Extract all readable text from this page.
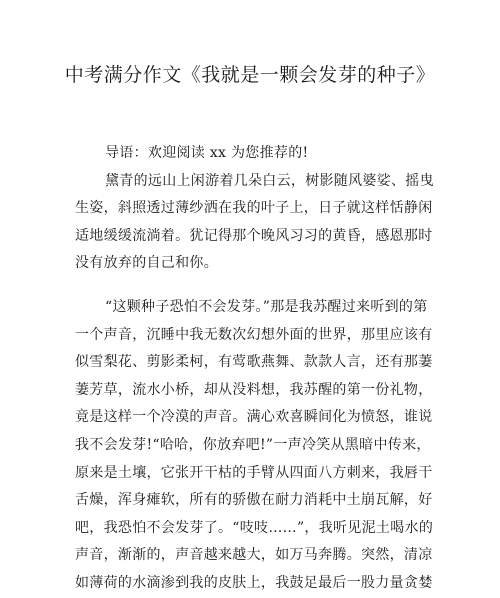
中考满分作文《我就是一颗会发芽的种子》
导语：欢迎阅读 xx 为您推荐的!
黛青的远山上闲游着几朵白云，树影随风婆娑、摇曳
生姿，斜照透过薄纱洒在我的叶子上，日子就这样恬静闲
适地缓缓流淌着。犹记得那个晚风习习的黄昏，感恩那时
没有放弃的自己和你。
“这颗种子恐怕不会发芽。”那是我苏醒过来听到的第
一个声音，沉睡中我无数次幻想外面的世界，那里应该有
似雪梨花、剪影柔柯，有莺歌燕舞、款款人言，还有那萋
萋芳草，流水小桥，却从没料想，我苏醒的第一份礼物，
竟是这样一个冷漠的声音。满心欢喜瞬间化为愤怒，谁说
我不会发芽!“哈哈，你放弃吧!”一声冷笑从黑暗中传来，
原来是土壤，它张开干枯的手臂从四面八方刺来，我唇干
舌燥，浑身瘫软，所有的骄傲在耐力消耗中土崩瓦解，好
吧，我恐怕不会发芽了。“吱吱……”，我听见泥土喝水的
声音，渐渐的，声音越来越大，如万马奔腾。突然，清凉
如薄荷的水滴渗到我的皮肤上，我鼓足最后一股力量贪婪
